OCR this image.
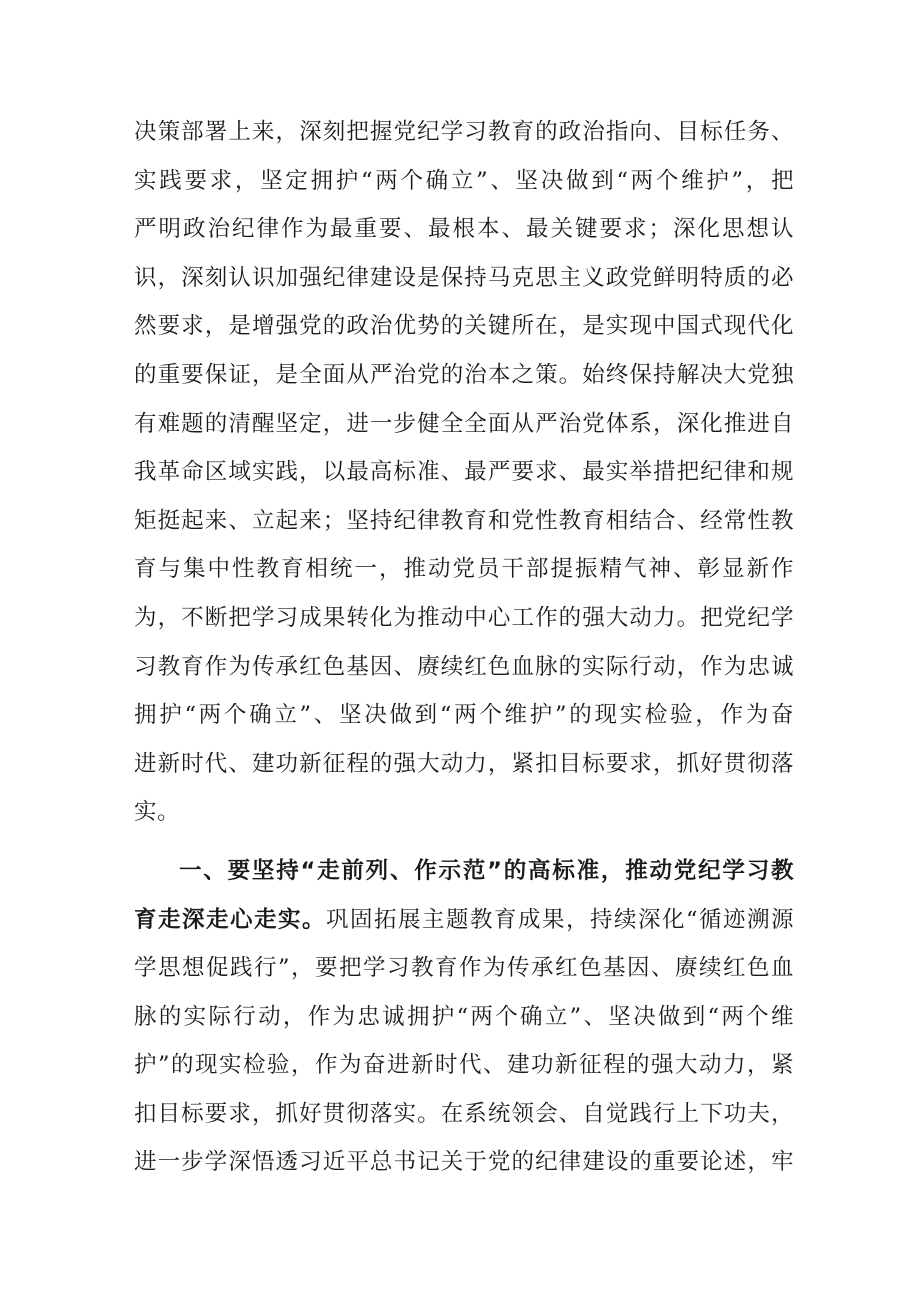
决策部署上来，深刻把握党纪学习教育的政治指向、目标任务、
实践要求，坚定拥护“两个确立”、坚决做到“两个维护”，把
严明政治纪律作为最重要、最根本、最关键要求；深化思想认
识，深刻认识加强纪律建设是保持马克思主义政党鲜明特质的必
然要求，是增强党的政治优势的关键所在，是实现中国式现代化
的重要保证，是全面从严治党的治本之策。始终保持解决大党独
有难题的清醒坚定，进一步健全全面从严治党体系，深化推进自
我革命区域实践，以最高标准、最严要求、最实举措把纪律和规
矩挺起来、立起来；坚持纪律教育和党性教育相结合、经常性教
育与集中性教育相统一，推动党员干部提振精气神、彰显新作
为，不断把学习成果转化为推动中心工作的强大动力。把党纪学
习教育作为传承红色基因、赓续红色血脉的实际行动，作为忠诚
拥护“两个确立”、坚决做到“两个维护”的现实检验，作为奋
进新时代、建功新征程的强大动力，紧扣目标要求，抓好贯彻落
实。
一、要坚持“走前列、作示范”的高标准，推动党纪学习教
育走深走心走实。巩固拓展主题教育成果，持续深化“循迹溯源
学思想促践行”，要把学习教育作为传承红色基因、赓续红色血
脉的实际行动，作为忠诚拥护“两个确立”、坚决做到“两个维
护”的现实检验，作为奋进新时代、建功新征程的强大动力，紧
扣目标要求，抓好贯彻落实。在系统领会、自觉践行上下功夫，
进一步学深悟透习近平总书记关于党的纪律建设的重要论述，牢
